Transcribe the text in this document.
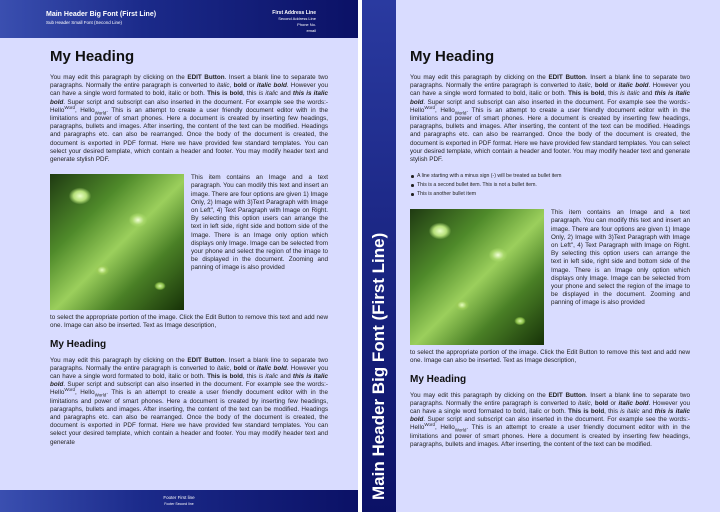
Main Header Big Font (First Line)
Sub Header Small Font (Second Line)
First Address Line
Second Address Line
Phone No.
email
My Heading

You may edit this paragraph by clicking on the EDIT Button. Insert a blank line to separate two paragraphs. Normally the entire paragraph is converted to italic, bold or italic bold. However you can have a single word formated to bold, italic or both. This is bold, this is italic and this is italic bold. Super script and subscript can also inserted in the document. For example see the words:- Hello$^{Word}$, Hello$_{World}$. This is an attempt to create a user friendly document editor with in the limitations and power of smart phones. Here a document is created by inserting few headings, paragraphs, bullets and images. After inserting, the content of the text can be modified. Headings and paragraphs etc. can also be rearranged. Once the body of the document is created, the document is exported in PDF format. Here we have provided few standard templates. You can select your desired template, which contain a header and footer. You may modify header text and generate stylish PDF.

This item contains an Image and a text paragraph. You can modify this text and insert an image. There are four options are given 1) Image Only, 2) Image with 3)Text Paragraph with Image on Left", 4) Text Paragraph with Image on Right. By selecting this option users can arrange the text in left side, right side and bottom side of the Image. There is an Image only option which displays only Image. Image can be selected from your phone and select the region of the image to be displayed in the document. Zooming and panning of image is also provided

to select the appropriate portion of the image. Click the Edit Button to remove this text and add new one. Image can also be inserted. Text as Image description,

My Heading

You may edit this paragraph by clicking on the EDIT Button. Insert a blank line to separate two paragraphs. Normally the entire paragraph is converted to italic, bold or italic bold. However you can have a single word formated to bold, italic or both. This is bold, this is italic and this is italic bold. Super script and subscript can also inserted in the document. For example see the words:- Hello$^{Word}$, Hello$_{World}$. This is an attempt to create a user friendly document editor with in the limitations and power of smart phones. Here a document is created by inserting few headings, paragraphs, bullets and images. After inserting, the content of the text can be modified. Headings and paragraphs etc. can also be rearranged. Once the body of the document is created, the document is exported in PDF format. Here we have provided few standard templates. You can select your desired template, which contain a header and footer. You may modify header text and generate

Footer First line
Footer Second line
Main Header Big Font (First Line)
My Heading

You may edit this paragraph by clicking on the EDIT Button. Insert a blank line to separate two paragraphs. Normally the entire paragraph is converted to italic, bold or italic bold. However you can have a single word formated to bold, italic or both. This is bold, this is italic and this is italic bold. Super script and subscript can also inserted in the document. For example see the words:- Hello$^{Word}$, Hello$_{World}$. This is an attempt to create a user friendly document editor with in the limitations and power of smart phones. Here a document is created by inserting few headings, paragraphs, bullets and images. After inserting, the content of the text can be modified. Headings and paragraphs etc. can also be rearranged. Once the body of the document is created, the document is exported in PDF format. Here we have provided few standard templates. You can select your desired template, which contain a header and footer. You may modify header text and generate stylish PDF.

A line starting with a minus sign (-) will be treated as bullet item
This is a second bullet item. This is not a bullet item.
This is another bullet item

This item contains an Image and a text paragraph. You can modify this text and insert an image. There are four options are given 1) Image Only, 2) Image with 3)Text Paragraph with Image on Left", 4) Text Paragraph with Image on Right. By selecting this option users can arrange the text in left side, right side and bottom side of the Image. There is an Image only option which displays only Image. Image can be selected from your phone and select the region of the image to be displayed in the document. Zooming and panning of image is also provided

to select the appropriate portion of the image. Click the Edit Button to remove this text and add new one. Image can also be inserted. Text as Image description,

My Heading

You may edit this paragraph by clicking on the EDIT Button. Insert a blank line to separate two paragraphs. Normally the entire paragraph is converted to italic, bold or italic bold. However you can have a single word formated to bold, italic or both. This is bold, this is italic and this is italic bold. Super script and subscript can also inserted in the document. For example see the words:- Hello$^{Word}$, Hello$_{World}$. This is an attempt to create a user friendly document editor with in the limitations and power of smart phones. Here a document is created by inserting few headings, paragraphs, bullets and images. After inserting, the content of the text can be modified.
